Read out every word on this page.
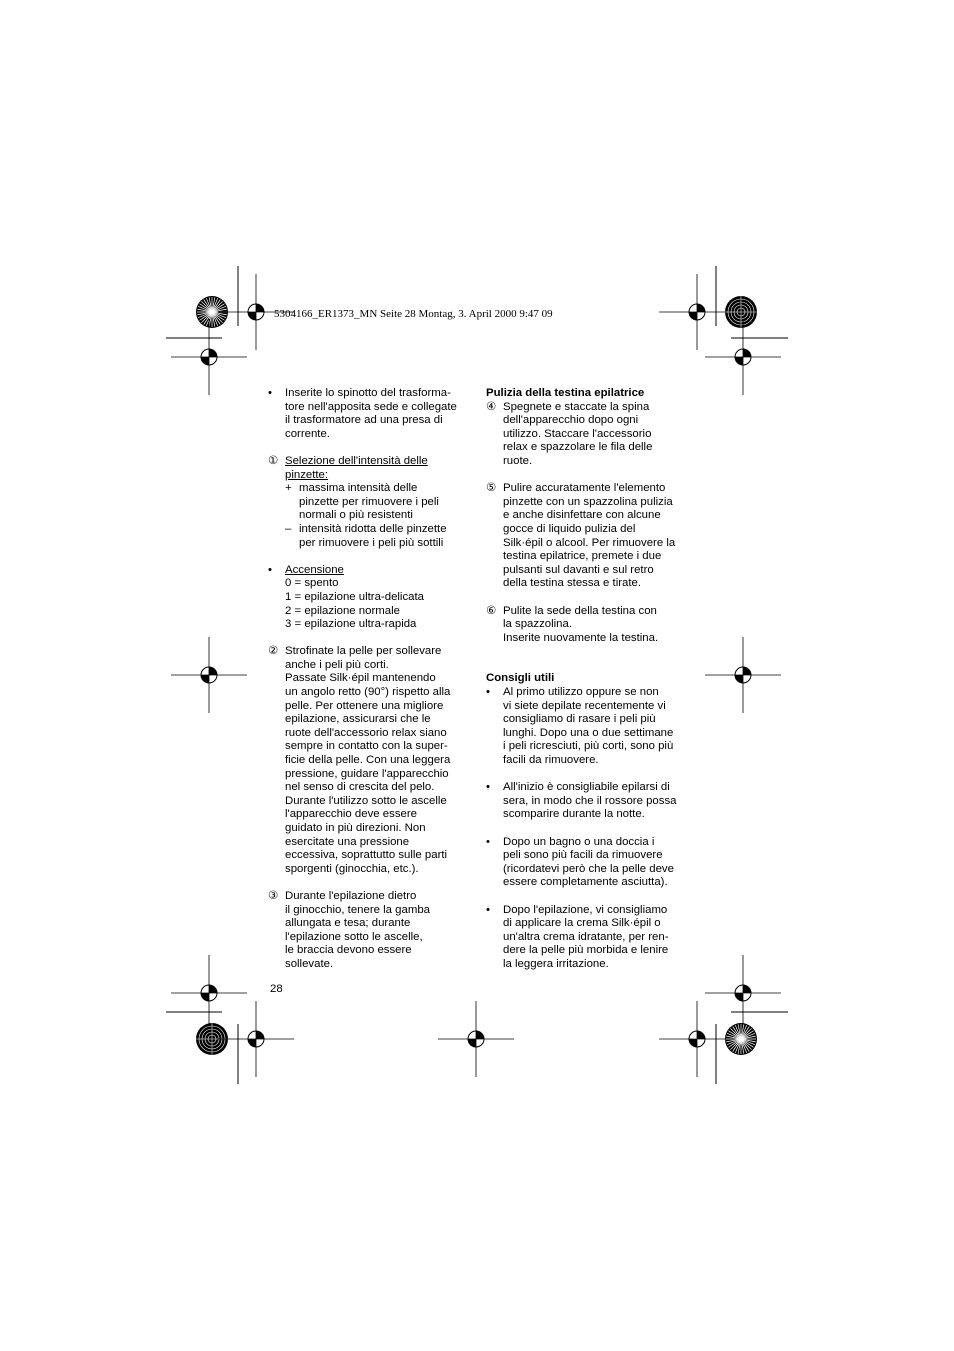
5304166_ER1373_MN Seite 28 Montag, 3. April 2000 9:47 09
• Inserite lo spinotto del trasforma-
tore nell'apposita sede e collegate
il trasformatore ad una presa di
corrente.
① Selezione dell'intensità delle
pinzette:
+ massima intensità delle
pinzette per rimuovere i peli
normali o più resistenti
– intensità ridotta delle pinzette
per rimuovere i peli più sottili
• Accensione
0 = spento
1 = epilazione ultra-delicata
2 = epilazione normale
3 = epilazione ultra-rapida
② Strofinate la pelle per sollevare
anche i peli più corti.
Passate Silk·épil mantenendo
un angolo retto (90°) rispetto alla
pelle. Per ottenere una migliore
epilazione, assicurarsi che le
ruote dell'accessorio relax siano
sempre in contatto con la super-
ficie della pelle. Con una leggera
pressione, guidare l'apparecchio
nel senso di crescita del pelo.
Durante l'utilizzo sotto le ascelle
l'apparecchio deve essere
guidato in più direzioni. Non
esercitate una pressione
eccessiva, soprattutto sulle parti
sporgenti (ginocchia, etc.).
③ Durante l'epilazione dietro
il ginocchio, tenere la gamba
allungata e tesa; durante
l'epilazione sotto le ascelle,
le braccia devono essere
sollevate.
28
Pulizia della testina epilatrice
④ Spegnete e staccate la spina
dell'apparecchio dopo ogni
utilizzo. Staccare l'accessorio
relax e spazzolare le fila delle
ruote.
⑤ Pulire accuratamente l'elemento
pinzette con un spazzolina pulizia
e anche disinfettare con alcune
gocce di liquido pulizia del
Silk·épil o alcool. Per rimuovere la
testina epilatrice, premete i due
pulsanti sul davanti e sul retro
della testina stessa e tirate.
⑥ Pulite la sede della testina con
la spazzolina.
Inserite nuovamente la testina.
Consigli utili
• Al primo utilizzo oppure se non
vi siete depilate recentemente vi
consigliamo di rasare i peli più
lunghi. Dopo una o due settimane
i peli ricresciuti, più corti, sono più
facili da rimuovere.
• All'inizio è consigliabile epilarsi di
sera, in modo che il rossore possa
scomparire durante la notte.
• Dopo un bagno o una doccia i
peli sono più facili da rimuovere
(ricordatevi però che la pelle deve
essere completamente asciutta).
• Dopo l'epilazione, vi consigliamo
di applicare la crema Silk·épil o
un'altra crema idratante, per ren-
dere la pelle più morbida e lenire
la leggera irritazione.
